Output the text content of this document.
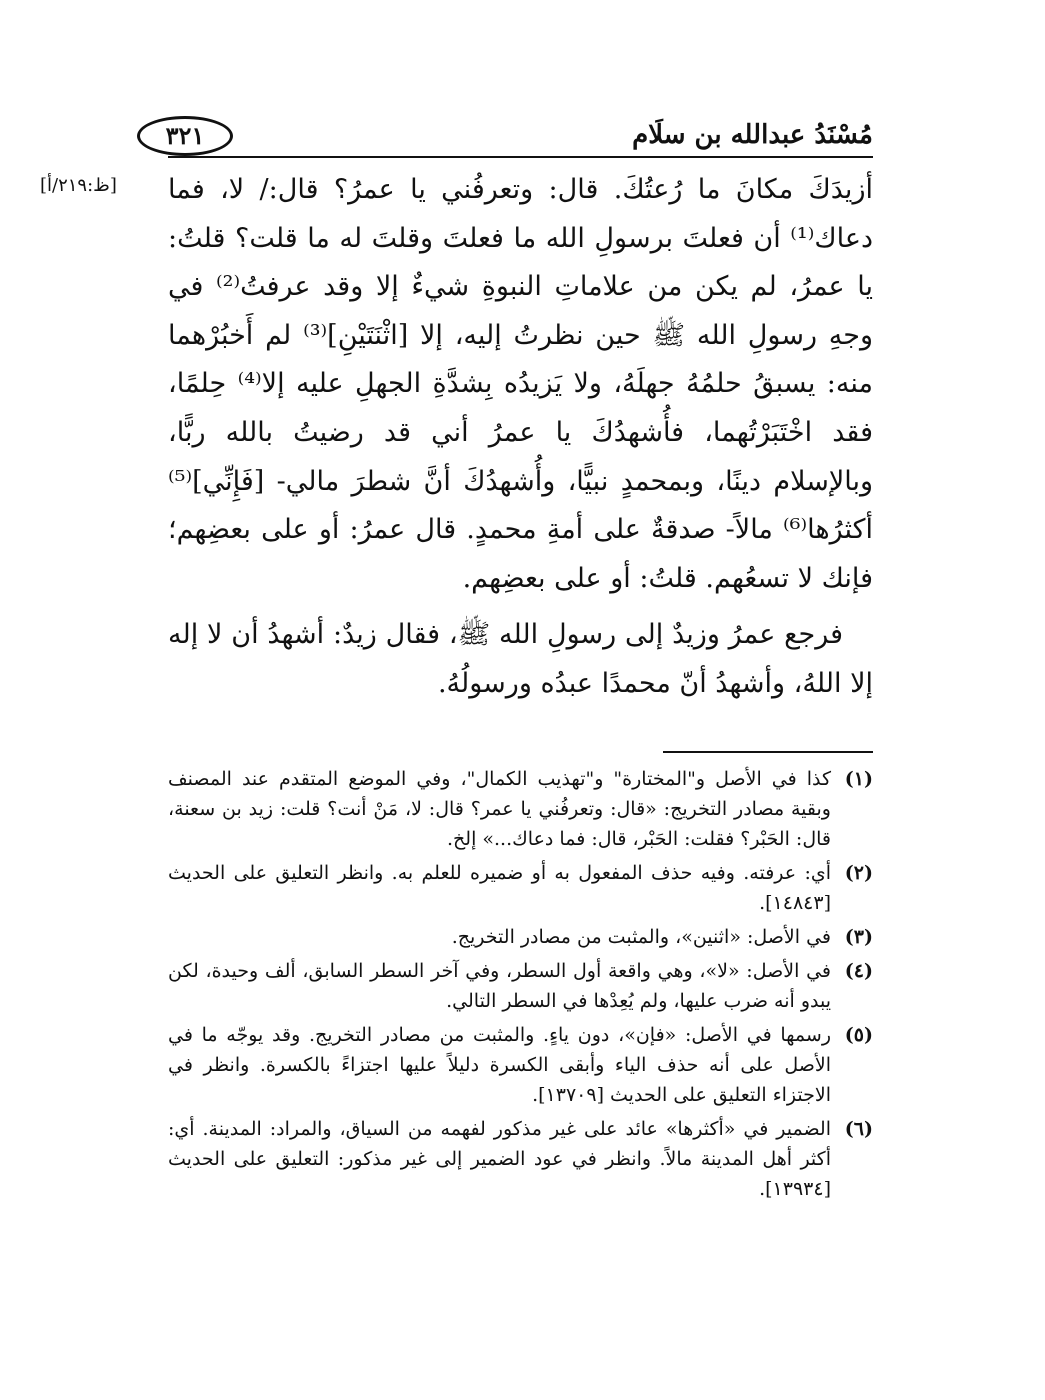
مُسْنَدُ عبدالله بن سلَام
٣٢١
[ظ:٢١٩/أ] أزيدَكَ مكانَ ما رُعتُكَ. قال: وتعرفُني يا عمرُ؟ قال:/ لا، فما دعاك⁽¹⁾ أن فعلتَ برسولِ الله ما فعلتَ وقلتَ له ما قلت؟ قلتُ: يا عمرُ، لم يكن من علاماتِ النبوةِ شيءٌ إلا وقد عرفتُ⁽²⁾ في وجهِ رسولِ الله ﷺ حين نظرتُ إليه، إلا [اثْنَتَيْنِ]⁽³⁾ لم أَخبُرْهما منه: يسبقُ حلمُهُ جهلَهُ، ولا يَزيدُه بِشدَّةِ الجهلِ عليه إلا⁽⁴⁾ حِلمًا، فقد اخْتَبَرْتُهما، فأُشهدُكَ يا عمرُ أني قد رضيتُ بالله ربًّا، وبالإسلام دينًا، وبمحمدٍ نبيًّا، وأُشهدُكَ أنَّ شطرَ مالي- [فَإِنِّي]⁽⁵⁾ أكثرُها⁽⁶⁾ مالاً- صدقةٌ على أمةِ محمدٍ. قال عمرُ: أو على بعضِهم؛ فإنك لا تسعُهم. قلتُ: أو على بعضِهم.

فرجع عمرُ وزيدٌ إلى رسولِ الله ﷺ، فقال زيدٌ: أشهدُ أن لا إله إلا اللهُ، وأشهدُ أنّ محمدًا عبدُه ورسولُهُ.

(١)
كذا في الأصل و"المختارة" و"تهذيب الكمال"، وفي الموضع المتقدم عند المصنف وبقية مصادر التخريج: «قال: وتعرفُني يا عمر؟ قال: لا، مَنْ أنت؟ قلت: زيد بن سعنة، قال: الحَبْر؟ فقلت: الحَبْر، قال: فما دعاك...» إلخ.
(٢)
أي: عرفته. وفيه حذف المفعول به أو ضميره للعلم به. وانظر التعليق على الحديث [١٤٨٤٣].
(٣)
في الأصل: «اثنين»، والمثبت من مصادر التخريج.
(٤)
في الأصل: «لا»، وهي واقعة أول السطر، وفي آخر السطر السابق، ألف وحيدة، لكن يبدو أنه ضرب عليها، ولم يُعِدْها في السطر التالي.
(٥)
رسمها في الأصل: «فإن»، دون ياءٍ. والمثبت من مصادر التخريج. وقد يوجّه ما في الأصل على أنه حذف الياء وأبقى الكسرة دليلاً عليها اجتزاءً بالكسرة. وانظر في الاجتزاء التعليق على الحديث [١٣٧٠٩].
(٦)
الضمير في «أكثرها» عائد على غير مذكور لفهمه من السياق، والمراد: المدينة. أي: أكثر أهل المدينة مالاً. وانظر في عود الضمير إلى غير مذكور: التعليق على الحديث [١٣٩٣٤].
